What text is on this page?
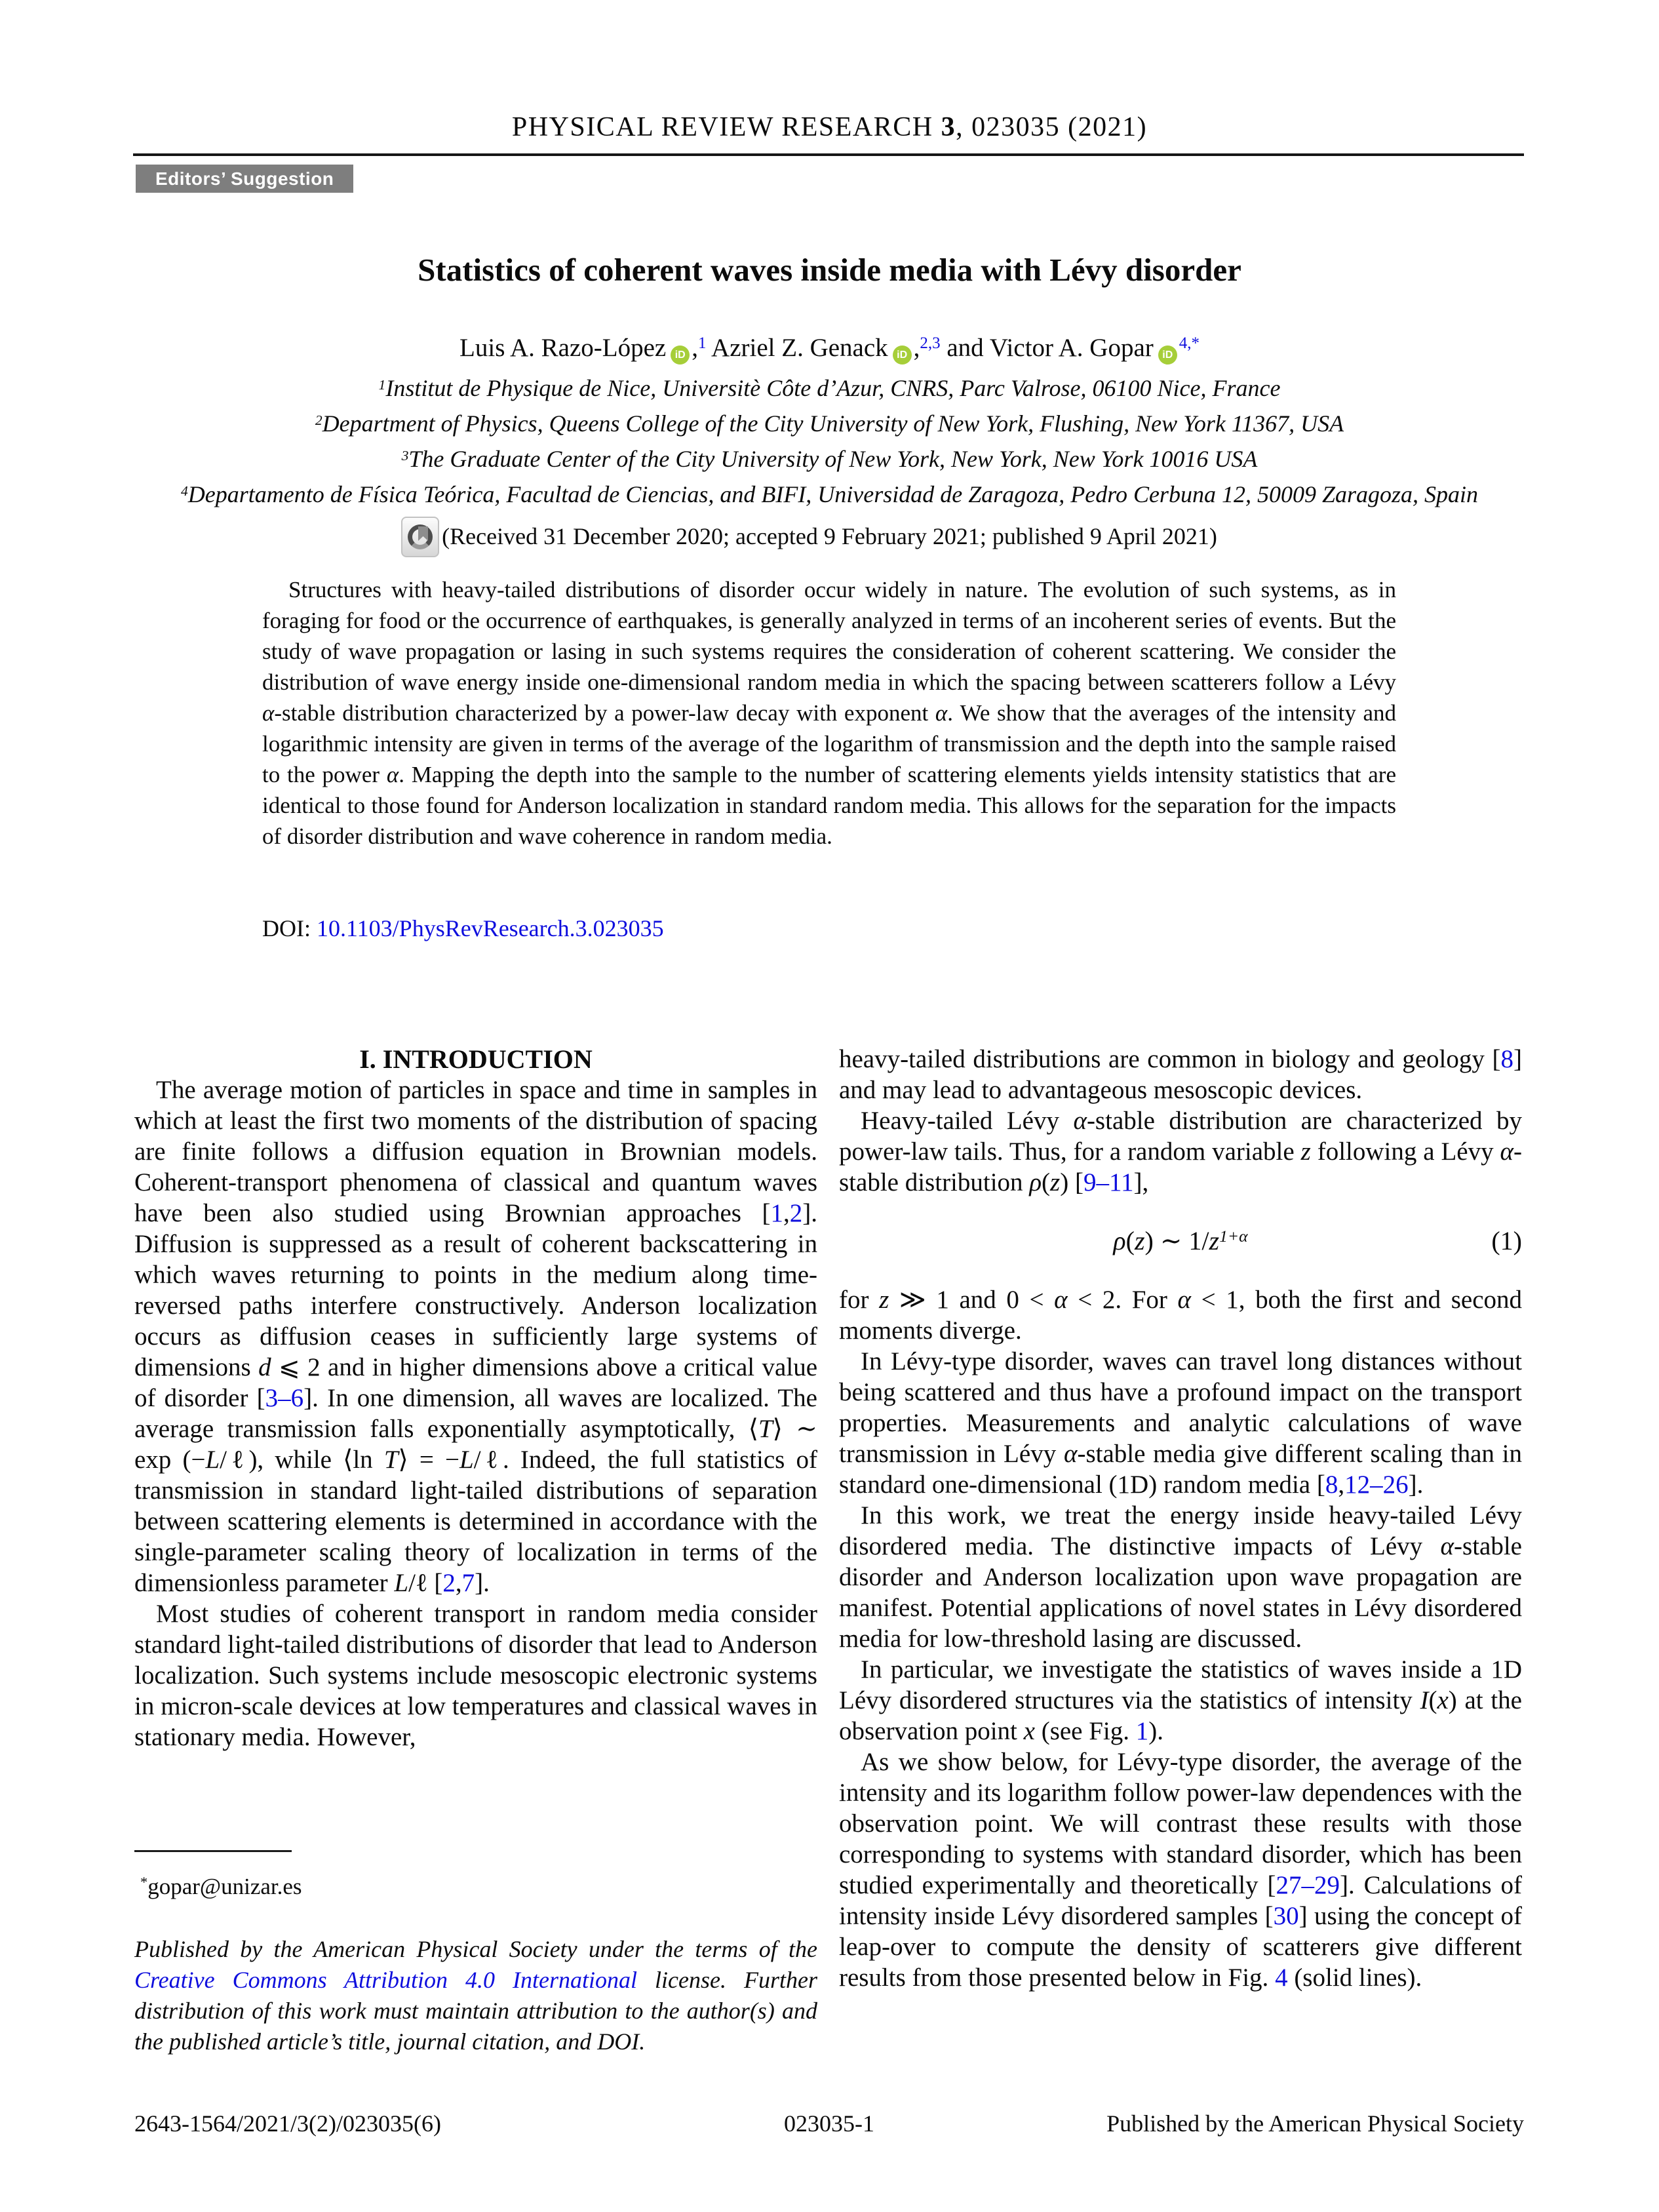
PHYSICAL REVIEW RESEARCH 3, 023035 (2021)
Editors’ Suggestion
Statistics of coherent waves inside media with Lévy disorder
Luis A. Razo-López iD ,$^1$ Azriel Z. Genack iD ,$^{2,3}$ and Victor A. Gopar $iD^{4,*}$
$^1$Institut de Physique de Nice, Universitè Côte d’Azur, CNRS, Parc Valrose, 06100 Nice, France
$^2$Department of Physics, Queens College of the City University of New York, Flushing, New York 11367, USA
$^3$The Graduate Center of the City University of New York, New York, New York 10016 USA
$^4$Departamento de Física Teórica, Facultad de Ciencias, and BIFI, Universidad de Zaragoza, Pedro Cerbuna 12, 50009 Zaragoza, Spain
(Received 31 December 2020; accepted 9 February 2021; published 9 April 2021)
Structures with heavy-tailed distributions of disorder occur widely in nature. The evolution of such systems, as in foraging for food or the occurrence of earthquakes, is generally analyzed in terms of an incoherent series of events. But the study of wave propagation or lasing in such systems requires the consideration of coherent scattering. We consider the distribution of wave energy inside one-dimensional random media in which the spacing between scatterers follow a Lévy α-stable distribution characterized by a power-law decay with exponent α. We show that the averages of the intensity and logarithmic intensity are given in terms of the average of the logarithm of transmission and the depth into the sample raised to the power α. Mapping the depth into the sample to the number of scattering elements yields intensity statistics that are identical to those found for Anderson localization in standard random media. This allows for the separation for the impacts of disorder distribution and wave coherence in random media.
DOI: 10.1103/PhysRevResearch.3.023035

I. INTRODUCTION

The average motion of particles in space and time in samples in which at least the first two moments of the distribution of spacing are finite follows a diffusion equation in Brownian models. Coherent-transport phenomena of classical and quantum waves have been also studied using Brownian approaches [1,2]. Diffusion is suppressed as a result of coherent backscattering in which waves returning to points in the medium along time-reversed paths interfere constructively. Anderson localization occurs as diffusion ceases in sufficiently large systems of dimensions d ⩽ 2 and in higher dimensions above a critical value of disorder [3–6]. In one dimension, all waves are localized. The average transmission falls exponentially asymptotically, ⟨T⟩ ∼ exp (−L/ℓ), while ⟨ln T⟩ = −L/ℓ. Indeed, the full statistics of transmission in standard light-tailed distributions of separation between scattering elements is determined in accordance with the single-parameter scaling theory of localization in terms of the dimensionless parameter L/ℓ [2,7].

Most studies of coherent transport in random media consider standard light-tailed distributions of disorder that lead to Anderson localization. Such systems include mesoscopic electronic systems in micron-scale devices at low temperatures and classical waves in stationary media. However,

heavy-tailed distributions are common in biology and geology [8] and may lead to advantageous mesoscopic devices.

Heavy-tailed Lévy α-stable distribution are characterized by power-law tails. Thus, for a random variable z following a Lévy α-stable distribution ρ(z) [9–11],

ρ(z) ∼ $1/z^{1+\alpha}$	(1)

for z ≫ 1 and 0 < α < 2. For α < 1, both the first and second moments diverge.

In Lévy-type disorder, waves can travel long distances without being scattered and thus have a profound impact on the transport properties. Measurements and analytic calculations of wave transmission in Lévy α-stable media give different scaling than in standard one-dimensional (1D) random media [8,12–26].

In this work, we treat the energy inside heavy-tailed Lévy disordered media. The distinctive impacts of Lévy α-stable disorder and Anderson localization upon wave propagation are manifest. Potential applications of novel states in Lévy disordered media for low-threshold lasing are discussed.

In particular, we investigate the statistics of waves inside a 1D Lévy disordered structures via the statistics of intensity I(x) at the observation point x (see Fig. 1).

As we show below, for Lévy-type disorder, the average of the intensity and its logarithm follow power-law dependences with the observation point. We will contrast these results with those corresponding to systems with standard disorder, which has been studied experimentally and theoretically [27–29]. Calculations of intensity inside Lévy disordered samples [30] using the concept of leap-over to compute the density of scatterers give different results from those presented below in Fig. 4 (solid lines).

*gopar@unizar.es
Published by the American Physical Society under the terms of the Creative Commons Attribution 4.0 International license. Further distribution of this work must maintain attribution to the author(s) and the published article’s title, journal citation, and DOI.
023035-1
2643-1564/2021/3(2)/023035(6)	Published by the American Physical Society
